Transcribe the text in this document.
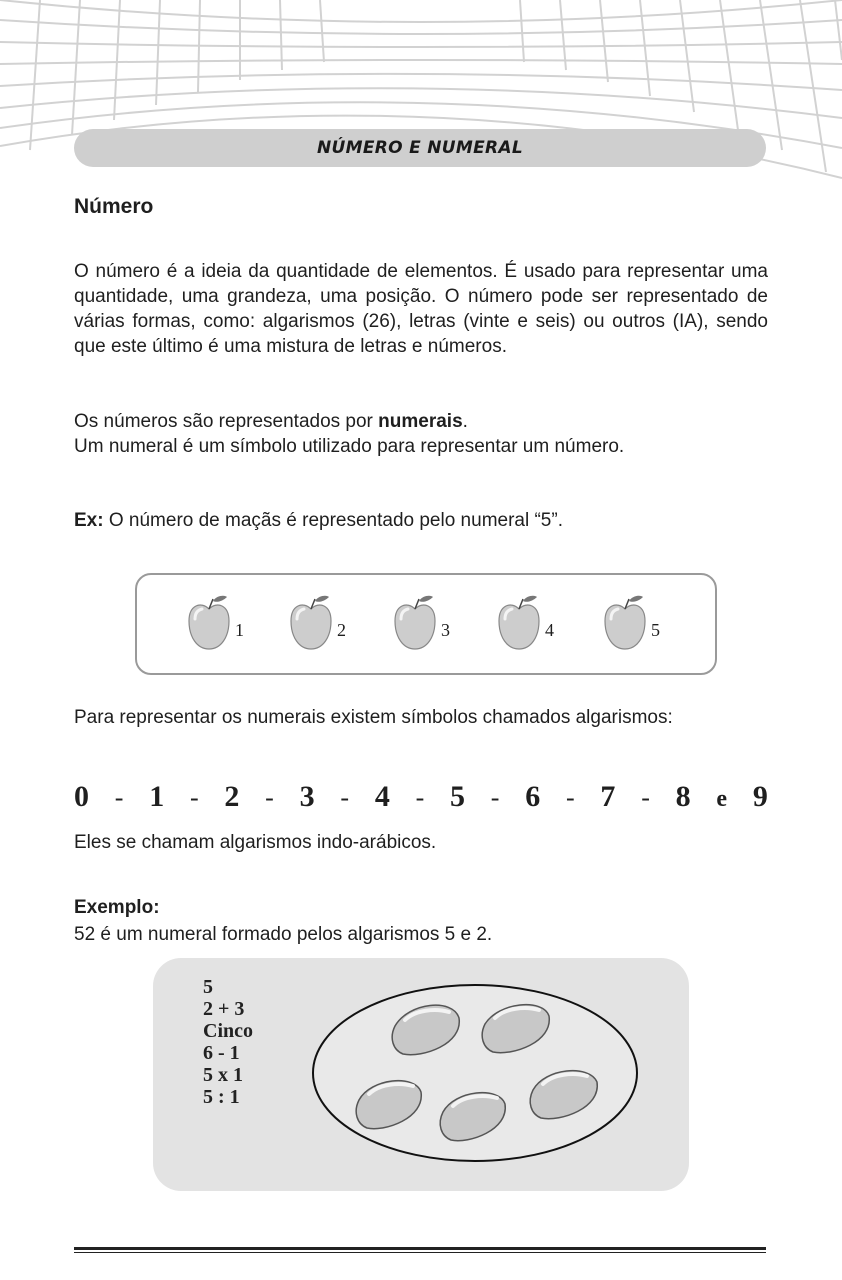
NÚMERO E NUMERAL
Número
O número é a ideia da quantidade de elementos. É usado para representar uma quantidade, uma grandeza, uma posição. O número pode ser representado de várias formas, como: algarismos (26), letras (vinte e seis) ou outros (IA), sendo que este último é uma mistura de letras e números.
Os números são representados por numerais.
Um numeral é um símbolo utilizado para representar um número.
Ex: O número de maçãs é representado pelo numeral “5”.
1	2	3	4	5
Para representar os numerais existem símbolos chamados algarismos:
0 - 1 - 2 - 3 - 4 - 5 - 6 - 7 - 8 e 9
Eles se chamam algarismos indo-arábicos.
Exemplo:
52 é um numeral formado pelos algarismos 5 e 2.
5
2 + 3
Cinco
6 - 1
5 x 1
5 : 1
